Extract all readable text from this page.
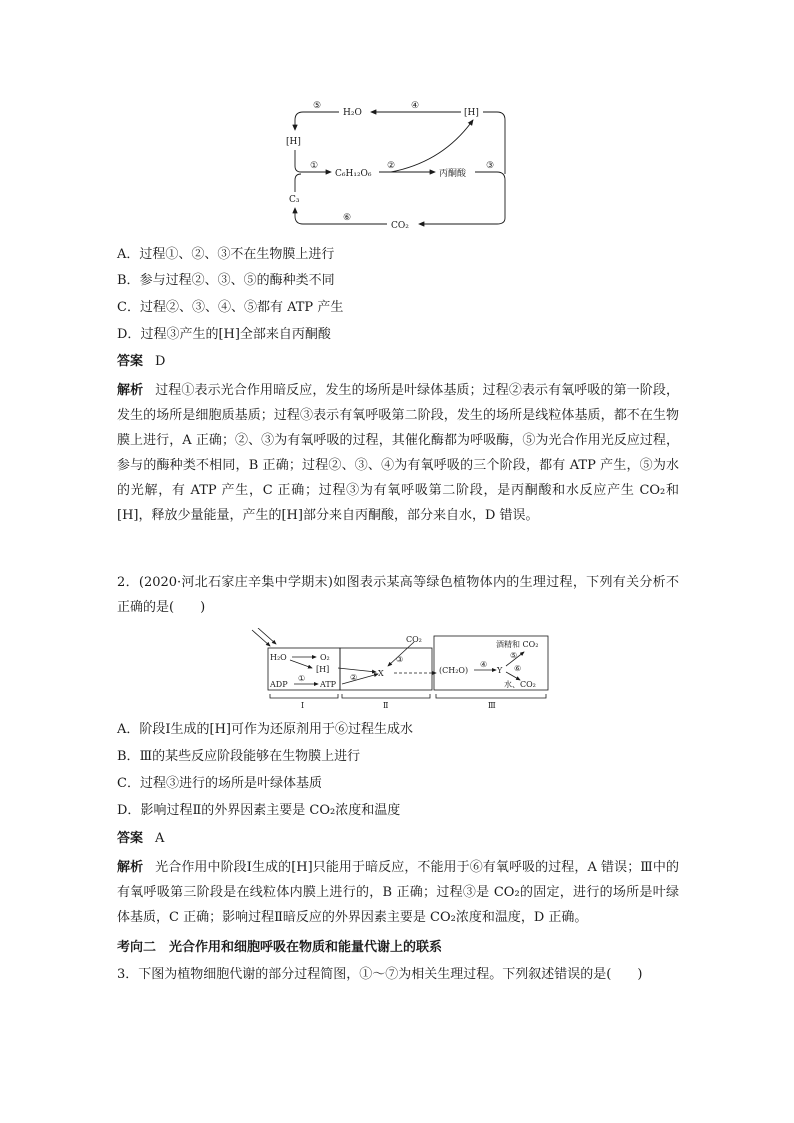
⑤	④
①	②	③
⑥
H₂O	[H]
[H]
C₆H₁₂O₆	丙酮酸
C₃
CO₂
A．过程①、②、③不在生物膜上进行
B．参与过程②、③、⑤的酶种类不同
C．过程②、③、④、⑤都有 ATP 产生
D．过程③产生的[H]全部来自丙酮酸
答案 D
解析 过程①表示光合作用暗反应，发生的场所是叶绿体基质；过程②表示有氧呼吸的第一阶段，发生的场所是细胞质基质；过程③表示有氧呼吸第二阶段，发生的场所是线粒体基质，都不在生物膜上进行，A 正确；②、③为有氧呼吸的过程，其催化酶都为呼吸酶，⑤为光合作用光反应过程，参与的酶种类不相同，B 正确；过程②、③、④为有氧呼吸的三个阶段，都有 ATP 产生，⑤为水的光解，有 ATP 产生，C 正确；过程③为有氧呼吸第二阶段，是丙酮酸和水反应产生 CO₂和[H]，释放少量能量，产生的[H]部分来自丙酮酸，部分来自水，D 错误。
2．(2020·河北石家庄辛集中学期末)如图表示某高等绿色植物体内的生理过程，下列有关分析不正确的是(　　)
H₂O	O₂
[H]
ADP
①
ATP
②	X
③
CO₂
(CH₂O)
④
Y
⑤
⑥
酒精和 CO₂
水、CO₂
Ⅰ	Ⅱ	Ⅲ
A．阶段Ⅰ生成的[H]可作为还原剂用于⑥过程生成水
B．Ⅲ的某些反应阶段能够在生物膜上进行
C．过程③进行的场所是叶绿体基质
D．影响过程Ⅱ的外界因素主要是 CO₂浓度和温度
答案 A
解析 光合作用中阶段Ⅰ生成的[H]只能用于暗反应，不能用于⑥有氧呼吸的过程，A 错误；Ⅲ中的有氧呼吸第三阶段是在线粒体内膜上进行的，B 正确；过程③是 CO₂的固定，进行的场所是叶绿体基质，C 正确；影响过程Ⅱ暗反应的外界因素主要是 CO₂浓度和温度，D 正确。
考向二　光合作用和细胞呼吸在物质和能量代谢上的联系
3．下图为植物细胞代谢的部分过程简图，①～⑦为相关生理过程。下列叙述错误的是(　　)
